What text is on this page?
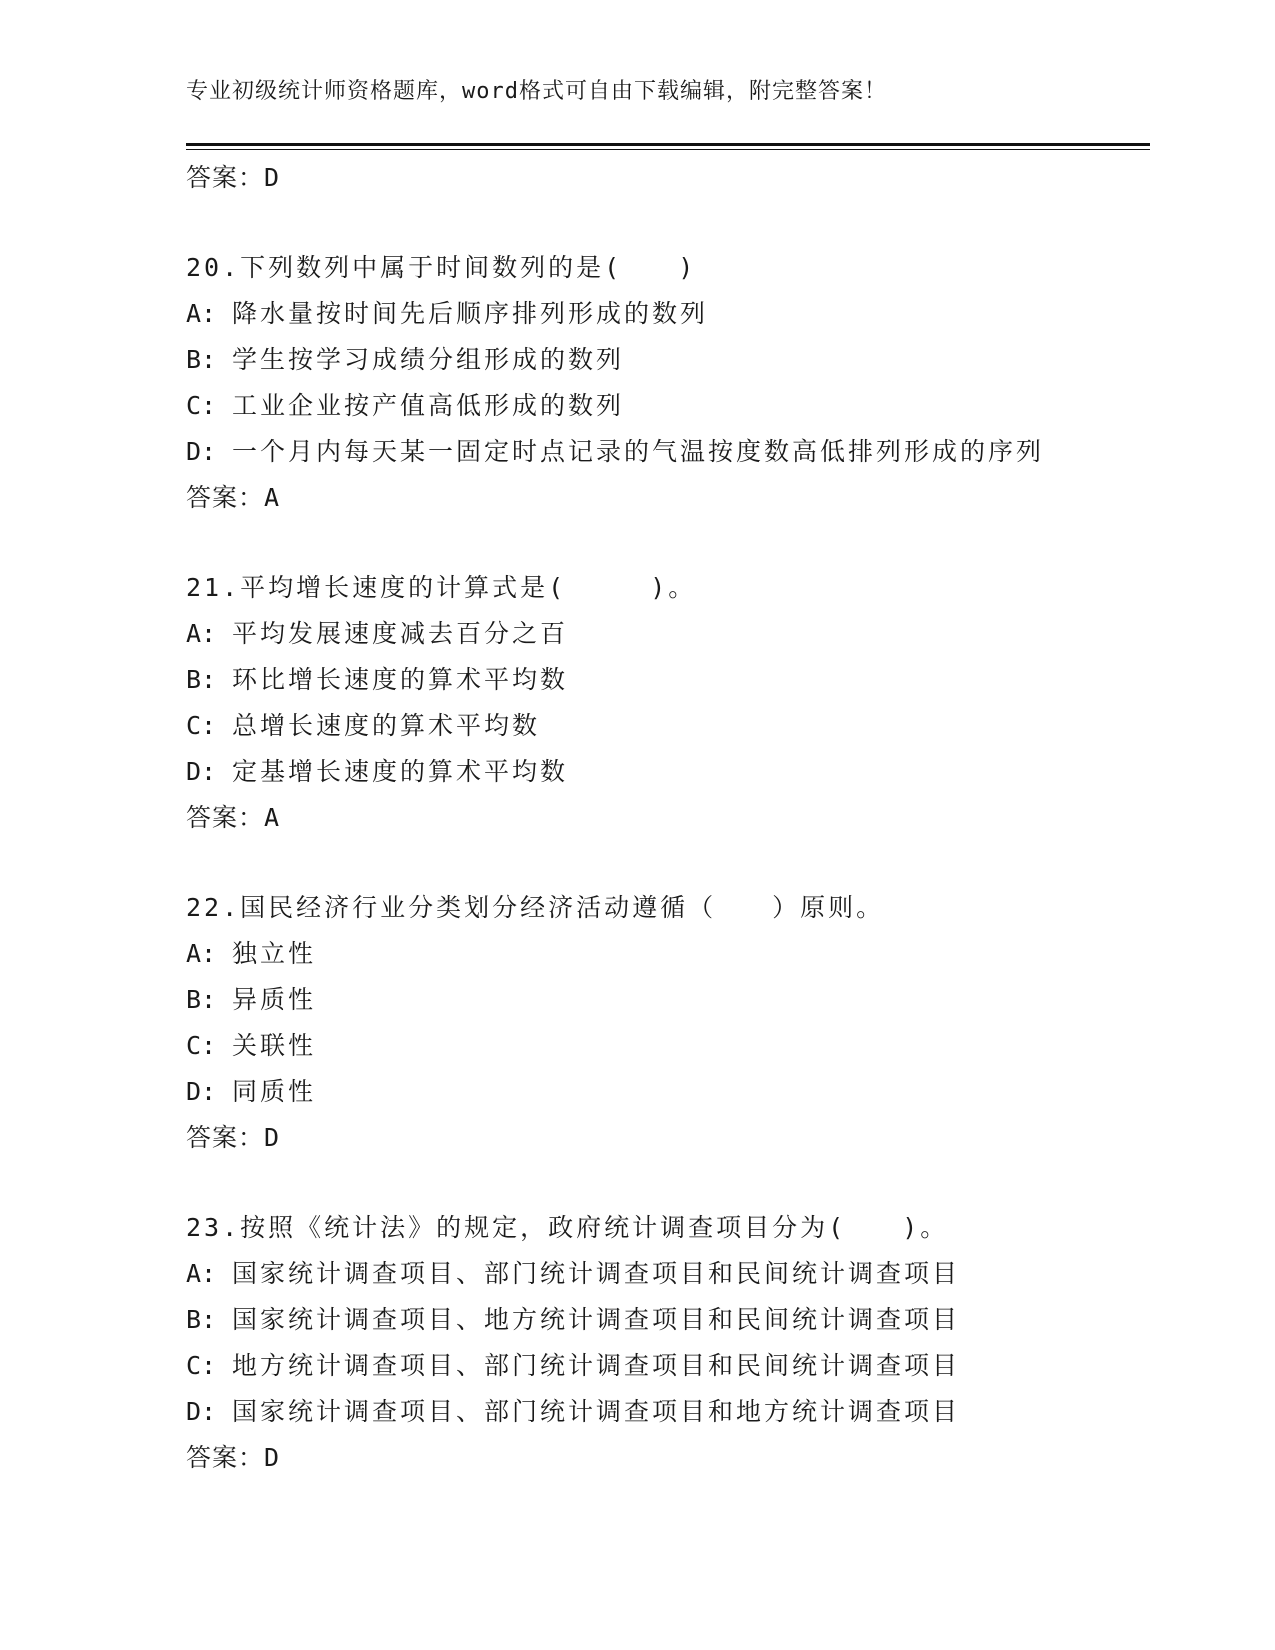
专业初级统计师资格题库，word格式可自由下载编辑，附完整答案！
答案：D
20.下列数列中属于时间数列的是(　　)
A: 降水量按时间先后顺序排列形成的数列
B: 学生按学习成绩分组形成的数列
C: 工业企业按产值高低形成的数列
D: 一个月内每天某一固定时点记录的气温按度数高低排列形成的序列
答案：A
21.平均增长速度的计算式是(　　　)。
A: 平均发展速度减去百分之百
B: 环比增长速度的算术平均数
C: 总增长速度的算术平均数
D: 定基增长速度的算术平均数
答案：A
22.国民经济行业分类划分经济活动遵循（　　）原则。
A: 独立性
B: 异质性
C: 关联性
D: 同质性
答案：D
23.按照《统计法》的规定，政府统计调查项目分为(　　)。
A: 国家统计调查项目、部门统计调查项目和民间统计调查项目
B: 国家统计调查项目、地方统计调查项目和民间统计调查项目
C: 地方统计调查项目、部门统计调查项目和民间统计调查项目
D: 国家统计调查项目、部门统计调查项目和地方统计调查项目
答案：D
